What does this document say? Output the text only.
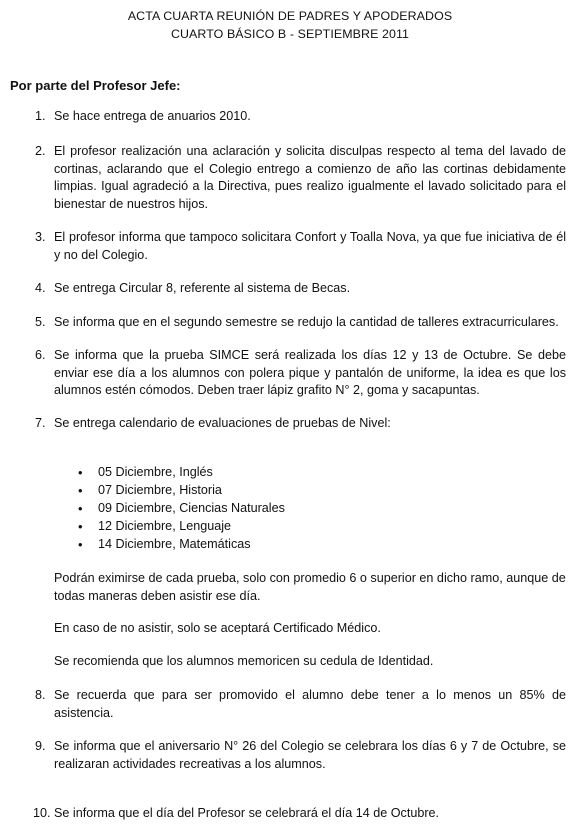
ACTA CUARTA REUNIÓN DE PADRES Y APODERADOS
CUARTO BÁSICO B - SEPTIEMBRE 2011
Por parte del Profesor Jefe:
1. Se hace entrega de anuarios 2010.
2. El profesor realización una aclaración y solicita disculpas respecto al tema del lavado de cortinas, aclarando que el Colegio entrego a comienzo de año las cortinas debidamente limpias. Igual agradeció a la Directiva, pues realizo igualmente el lavado solicitado para el bienestar de nuestros hijos.
3. El profesor informa que tampoco solicitara Confort y Toalla Nova, ya que fue iniciativa de él y no del Colegio.
4. Se entrega Circular 8, referente al sistema de Becas.
5. Se informa que en el segundo semestre se redujo la cantidad de talleres extracurriculares.
6. Se informa que la prueba SIMCE será realizada los días 12 y 13 de Octubre. Se debe enviar ese día a los alumnos con polera pique y pantalón de uniforme, la idea es que los alumnos estén cómodos. Deben traer lápiz grafito N° 2, goma y sacapuntas.
7. Se entrega calendario de evaluaciones de pruebas de Nivel:
• 05 Diciembre, Inglés
• 07 Diciembre, Historia
• 09 Diciembre, Ciencias Naturales
• 12 Diciembre, Lenguaje
• 14 Diciembre, Matemáticas
Podrán eximirse de cada prueba, solo con promedio 6 o superior en dicho ramo, aunque de todas maneras deben asistir ese día.
En caso de no asistir, solo se aceptará Certificado Médico.
Se recomienda que los alumnos memoricen su cedula de Identidad.
8. Se recuerda que para ser promovido el alumno debe tener a lo menos un 85% de asistencia.
9. Se informa que el aniversario N° 26 del Colegio se celebrara los días 6 y 7 de Octubre, se realizaran actividades recreativas a los alumnos.
10. Se informa que el día del Profesor se celebrará el día 14 de Octubre.
